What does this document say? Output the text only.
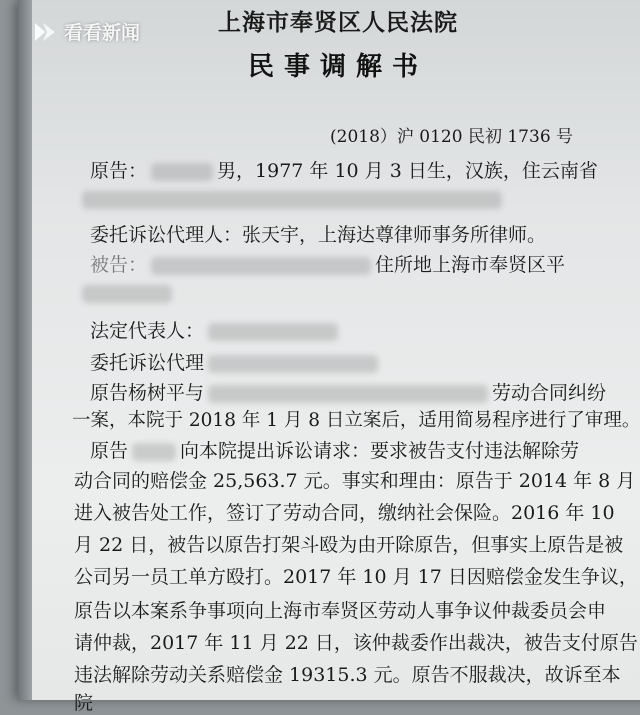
上海市奉贤区人民法院
民事调解书
(2018）沪 0120 民初 1736 号
原告：	男，1977 年 10 月 3 日生，汉族，住云南省
委托诉讼代理人：张天宇，上海达尊律师事务所律师。
被告：	住所地上海市奉贤区平
法定代表人：
委托诉讼代理
原告杨树平与	劳动合同纠纷
一案，本院于 2018 年 1 月 8 日立案后，适用简易程序进行了审理。
原告	向本院提出诉讼请求：要求被告支付违法解除劳
动合同的赔偿金 25,563.7 元。事实和理由：原告于 2014 年 8 月
进入被告处工作，签订了劳动合同，缴纳社会保险。2016 年 10
月 22 日，被告以原告打架斗殴为由开除原告，但事实上原告是被
公司另一员工单方殴打。2017 年 10 月 17 日因赔偿金发生争议，
原告以本案系争事项向上海市奉贤区劳动人事争议仲裁委员会申
请仲裁，2017 年 11 月 22 日，该仲裁委作出裁决，被告支付原告
违法解除劳动关系赔偿金 19315.3 元。原告不服裁决，故诉至本
院
看看新闻
